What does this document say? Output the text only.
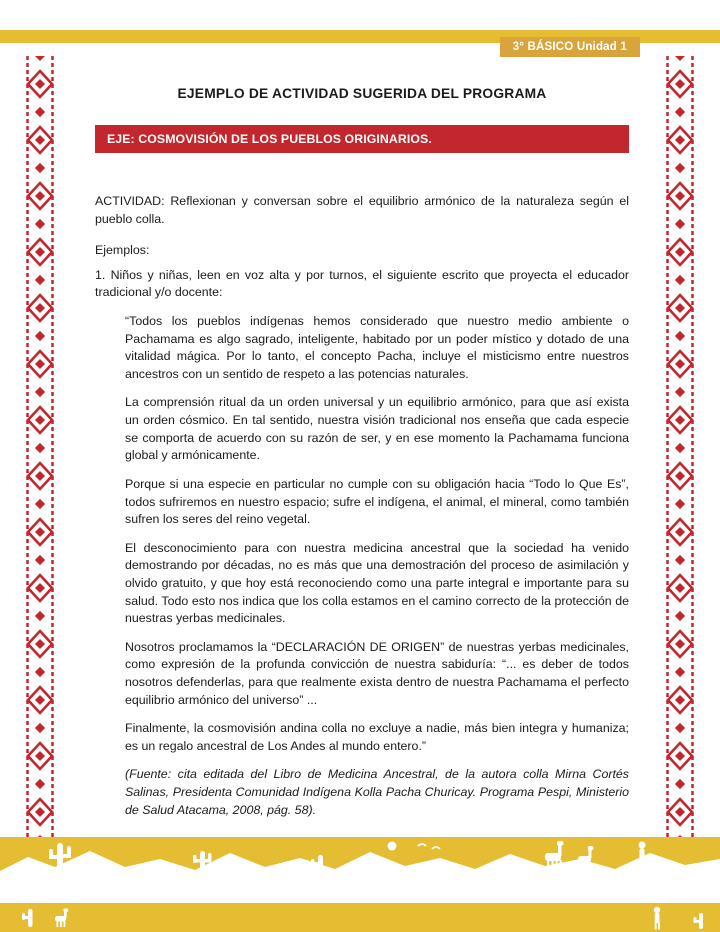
3° BÁSICO Unidad 1
EJEMPLO DE ACTIVIDAD SUGERIDA DEL PROGRAMA
EJE: COSMOVISIÓN DE LOS PUEBLOS ORIGINARIOS.

ACTIVIDAD: Reflexionan y conversan sobre el equilibrio armónico de la naturaleza según el pueblo colla.

Ejemplos:

1. Niños y niñas, leen en voz alta y por turnos, el siguiente escrito que proyecta el educador tradicional y/o docente:

“Todos los pueblos indígenas hemos considerado que nuestro medio ambiente o Pachamama es algo sagrado, inteligente, habitado por un poder místico y dotado de una vitalidad mágica. Por lo tanto, el concepto Pacha, incluye el misticismo entre nuestros ancestros con un sentido de respeto a las potencias naturales.

La comprensión ritual da un orden universal y un equilibrio armónico, para que así exista un orden cósmico. En tal sentido, nuestra visión tradicional nos enseña que cada especie se comporta de acuerdo con su razón de ser, y en ese momento la Pachamama funciona global y armónicamente.

Porque si una especie en particular no cumple con su obligación hacia “Todo lo Que Es”, todos sufriremos en nuestro espacio; sufre el indígena, el animal, el mineral, como también sufren los seres del reino vegetal.

El desconocimiento para con nuestra medicina ancestral que la sociedad ha venido demostrando por décadas, no es más que una demostración del proceso de asimilación y olvido gratuito, y que hoy está reconociendo como una parte integral e importante para su salud. Todo esto nos indica que los colla estamos en el camino correcto de la protección de nuestras yerbas medicinales.

Nosotros proclamamos la “DECLARACIÓN DE ORIGEN” de nuestras yerbas medicinales, como expresión de la profunda convicción de nuestra sabiduría: “... es deber de todos nosotros defenderlas, para que realmente exista dentro de nuestra Pachamama el perfecto equilibrio armónico del universo” ...

Finalmente, la cosmovisión andina colla no excluye a nadie, más bien integra y humaniza; es un regalo ancestral de Los Andes al mundo entero.”

(Fuente: cita editada del Libro de Medicina Ancestral, de la autora colla Mirna Cortés Salinas, Presidenta Comunidad Indígena Kolla Pacha Churicay. Programa Pespi, Ministerio de Salud Atacama, 2008, pág. 58).
